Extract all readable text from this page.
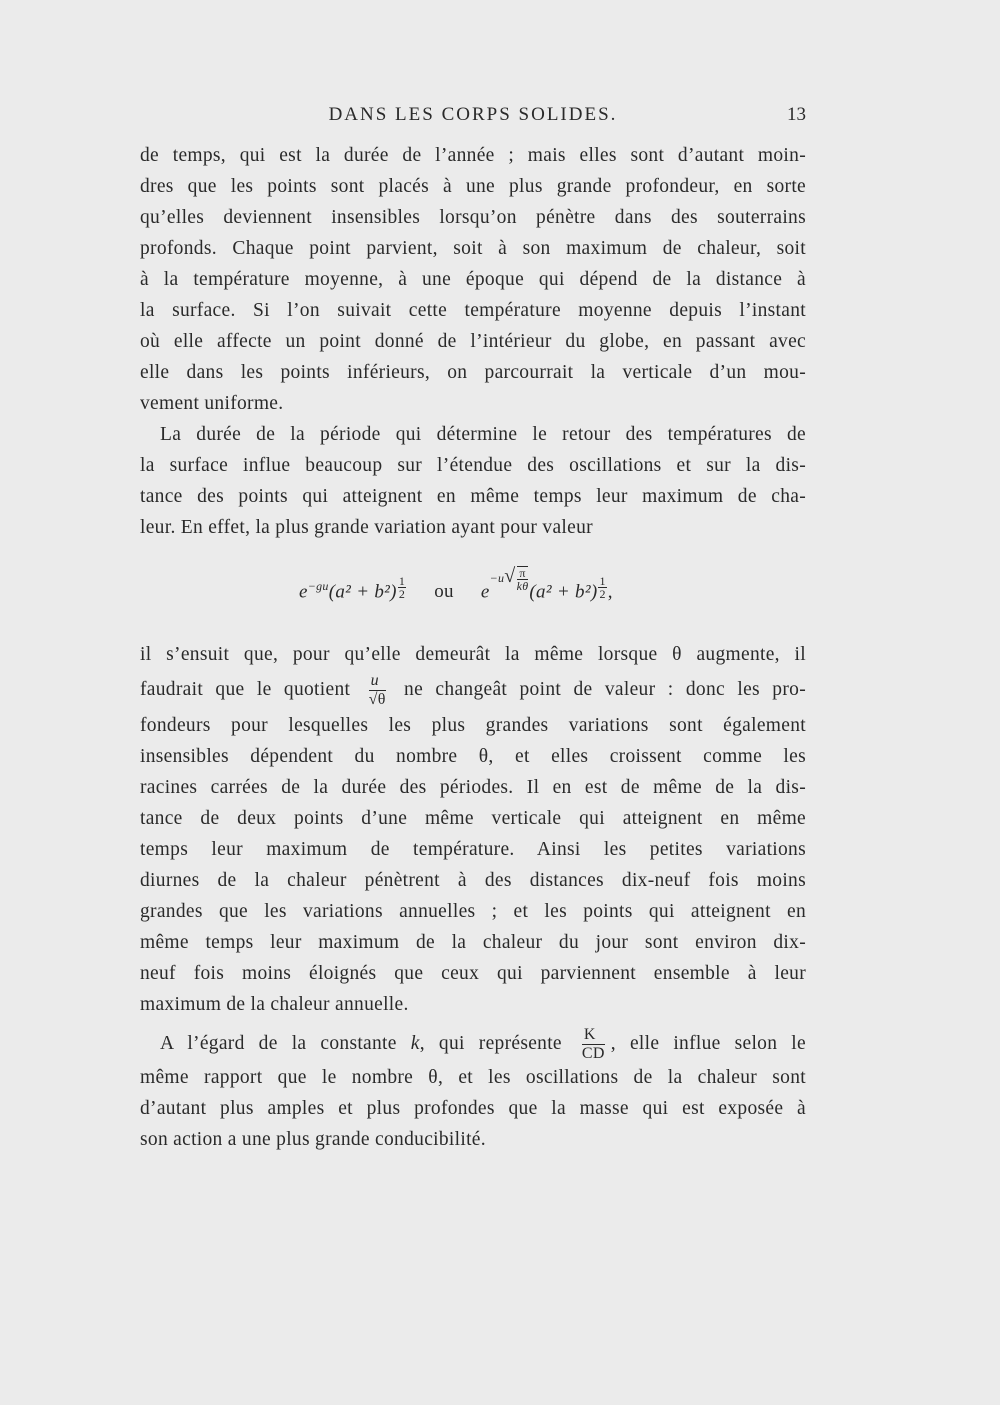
DANS LES CORPS SOLIDES.	13
de temps, qui est la durée de l’année ; mais elles sont d’autant moin-
dres que les points sont placés à une plus grande profondeur, en sorte
qu’elles deviennent insensibles lorsqu’on pénètre dans des souterrains
profonds. Chaque point parvient, soit à son maximum de chaleur, soit
à la température moyenne, à une époque qui dépend de la distance à
la surface. Si l’on suivait cette température moyenne depuis l’instant
où elle affecte un point donné de l’intérieur du globe, en passant avec
elle dans les points inférieurs, on parcourrait la verticale d’un mou-
vement uniforme.
La durée de la période qui détermine le retour des températures de
la surface influe beaucoup sur l’étendue des oscillations et sur la dis-
tance des points qui atteignent en même temps leur maximum de cha-
leur. En effet, la plus grande variation ayant pour valeur
$e^{-gu}(a^2 + b^2)$ $^{\frac{1}{2}}$ ou $e^{-u√ \frac{\pi}{k\theta}}$ (a² + b²) $^{\frac{1}{2}}$ ,
il s’ensuit que, pour qu’elle demeurât la même lorsque θ augmente, il
faudrait que le quotient $\frac{u}{√\theta}$ ne changeât point de valeur : donc les pro-
fondeurs pour lesquelles les plus grandes variations sont également
insensibles dépendent du nombre θ, et elles croissent comme les
racines carrées de la durée des périodes. Il en est de même de la dis-
tance de deux points d’une même verticale qui atteignent en même
temps leur maximum de température. Ainsi les petites variations
diurnes de la chaleur pénètrent à des distances dix-neuf fois moins
grandes que les variations annuelles ; et les points qui atteignent en
même temps leur maximum de la chaleur du jour sont environ dix-
neuf fois moins éloignés que ceux qui parviennent ensemble à leur
maximum de la chaleur annuelle.
A l’égard de la constante k, qui représente $\frac{K}{CD}$ , elle influe selon le
même rapport que le nombre θ, et les oscillations de la chaleur sont
d’autant plus amples et plus profondes que la masse qui est exposée à
son action a une plus grande conducibilité.
